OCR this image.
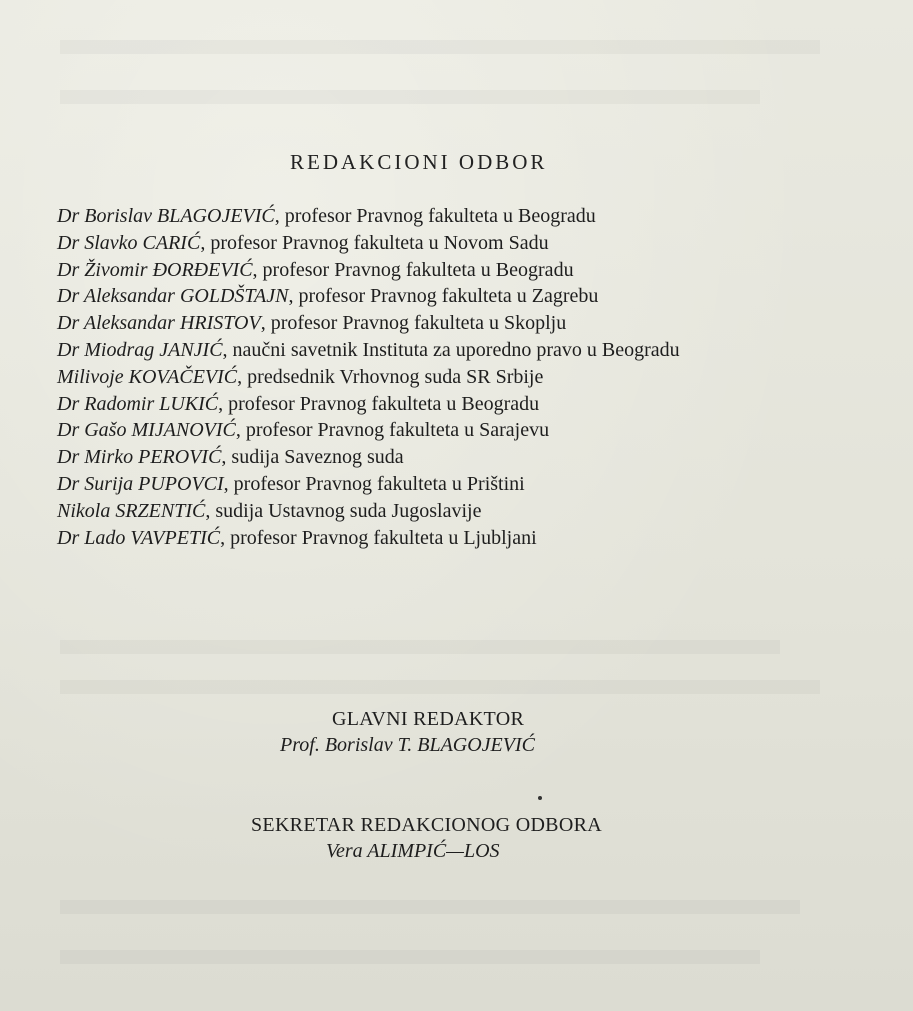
REDAKCIONI ODBOR
Dr Borislav BLAGOJEVIĆ, profesor Pravnog fakulteta u Beogradu
Dr Slavko CARIĆ, profesor Pravnog fakulteta u Novom Sadu
Dr Živomir ĐORĐEVIĆ, profesor Pravnog fakulteta u Beogradu
Dr Aleksandar GOLDŠTAJN, profesor Pravnog fakulteta u Zagrebu
Dr Aleksandar HRISTOV, profesor Pravnog fakulteta u Skoplju
Dr Miodrag JANJIĆ, naučni savetnik Instituta za uporedno pravo u Beogradu
Milivoje KOVAČEVIĆ, predsednik Vrhovnog suda SR Srbije
Dr Radomir LUKIĆ, profesor Pravnog fakulteta u Beogradu
Dr Gašo MIJANOVIĆ, profesor Pravnog fakulteta u Sarajevu
Dr Mirko PEROVIĆ, sudija Saveznog suda
Dr Surija PUPOVCI, profesor Pravnog fakulteta u Prištini
Nikola SRZENTIĆ, sudija Ustavnog suda Jugoslavije
Dr Lado VAVPETIĆ, profesor Pravnog fakulteta u Ljubljani
GLAVNI REDAKTOR
Prof. Borislav T. BLAGOJEVIĆ
SEKRETAR REDAKCIONOG ODBORA
Vera ALIMPIĆ—LOS
